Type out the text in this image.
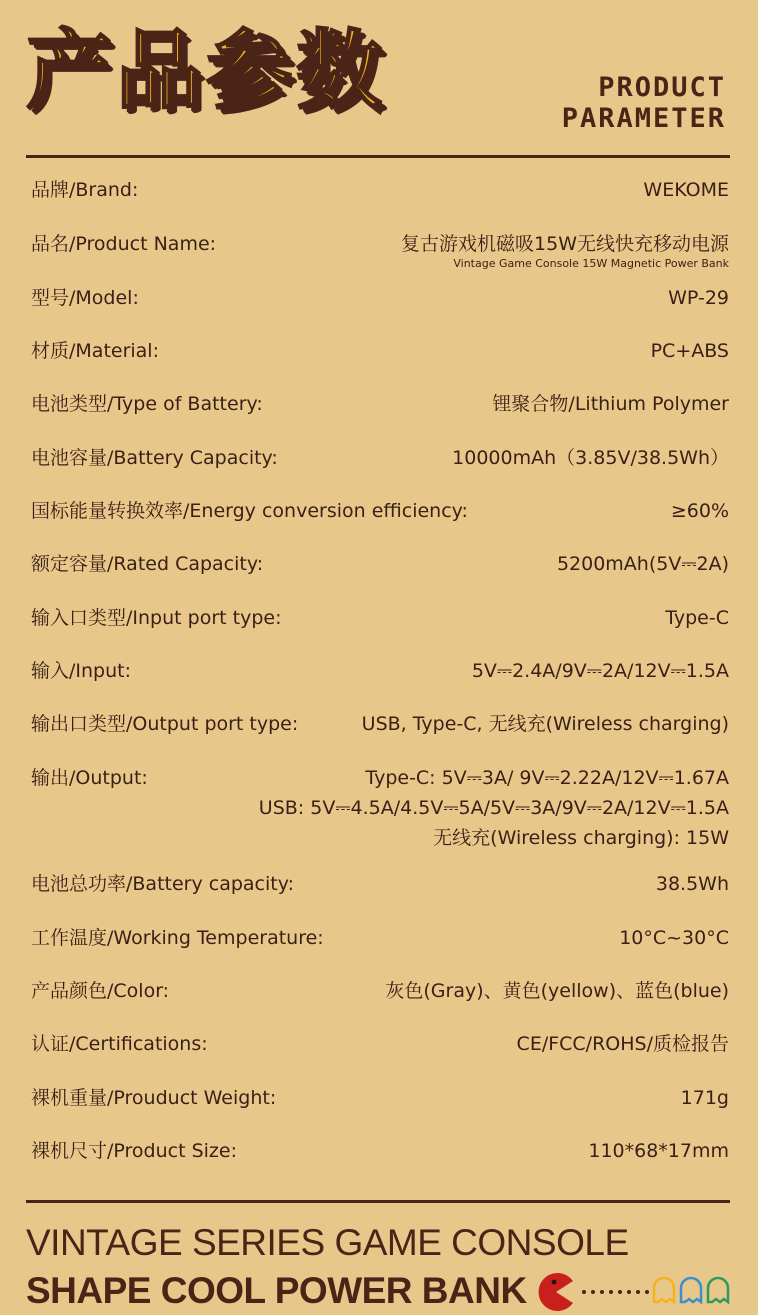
产品参数	PRODUCT
PARAMETER
品牌/Brand:	WEKOME
品名/Product Name:	复古游戏机磁吸15W无线快充移动电源
Vintage Game Console 15W Magnetic Power Bank
型号/Model:	WP-29
材质/Material:	PC+ABS
电池类型/Type of Battery:	锂聚合物/Lithium Polymer
电池容量/Battery Capacity:	10000mAh（3.85V/38.5Wh）
国标能量转换效率/Energy conversion efficiency:	≥60%
额定容量/Rated Capacity:	5200mAh(5V⎓2A)
输入口类型/Input port type:	Type-C
输入/Input:	5V⎓2.4A/9V⎓2A/12V⎓1.5A
输出口类型/Output port type:	USB, Type-C, 无线充(Wireless charging)
输出/Output:	Type-C: 5V⎓3A/ 9V⎓2.22A/12V⎓1.67A
USB: 5V⎓4.5A/4.5V⎓5A/5V⎓3A/9V⎓2A/12V⎓1.5A
无线充(Wireless charging): 15W
电池总功率/Battery capacity:	38.5Wh
工作温度/Working Temperature:	10°C~30°C
产品颜色/Color:	灰色(Gray)、黄色(yellow)、蓝色(blue)
认证/Certifications:	CE/FCC/ROHS/质检报告
裸机重量/Prouduct Weight:	171g
裸机尺寸/Product Size:	110*68*17mm
VINTAGE SERIES GAME CONSOLE
SHAPE COOL POWER BANK
